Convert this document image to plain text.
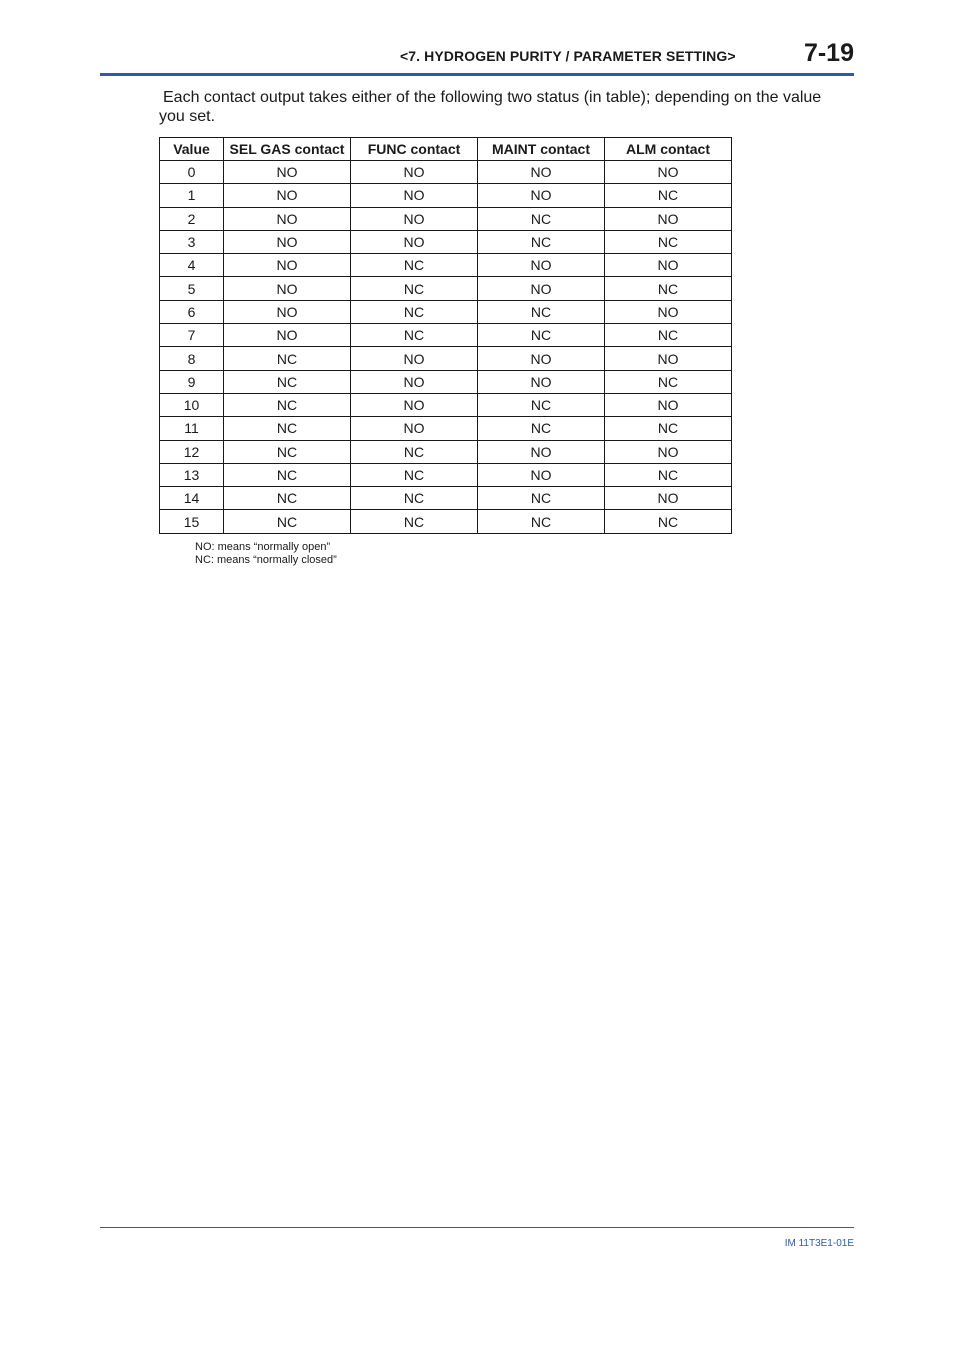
<7. HYDROGEN PURITY / PARAMETER SETTING>	7-19
Each contact output takes either of the following two status (in table); depending on the value
you set.
Value	SEL GAS contact	FUNC contact	MAINT contact	ALM contact
0	NO	NO	NO	NO
1	NO	NO	NO	NC
2	NO	NO	NC	NO
3	NO	NO	NC	NC
4	NO	NC	NO	NO
5	NO	NC	NO	NC
6	NO	NC	NC	NO
7	NO	NC	NC	NC
8	NC	NO	NO	NO
9	NC	NO	NO	NC
10	NC	NO	NC	NO
11	NC	NO	NC	NC
12	NC	NC	NO	NO
13	NC	NC	NO	NC
14	NC	NC	NC	NO
15	NC	NC	NC	NC
NO: means “normally open”
NC: means “normally closed”
IM 11T3E1-01E
